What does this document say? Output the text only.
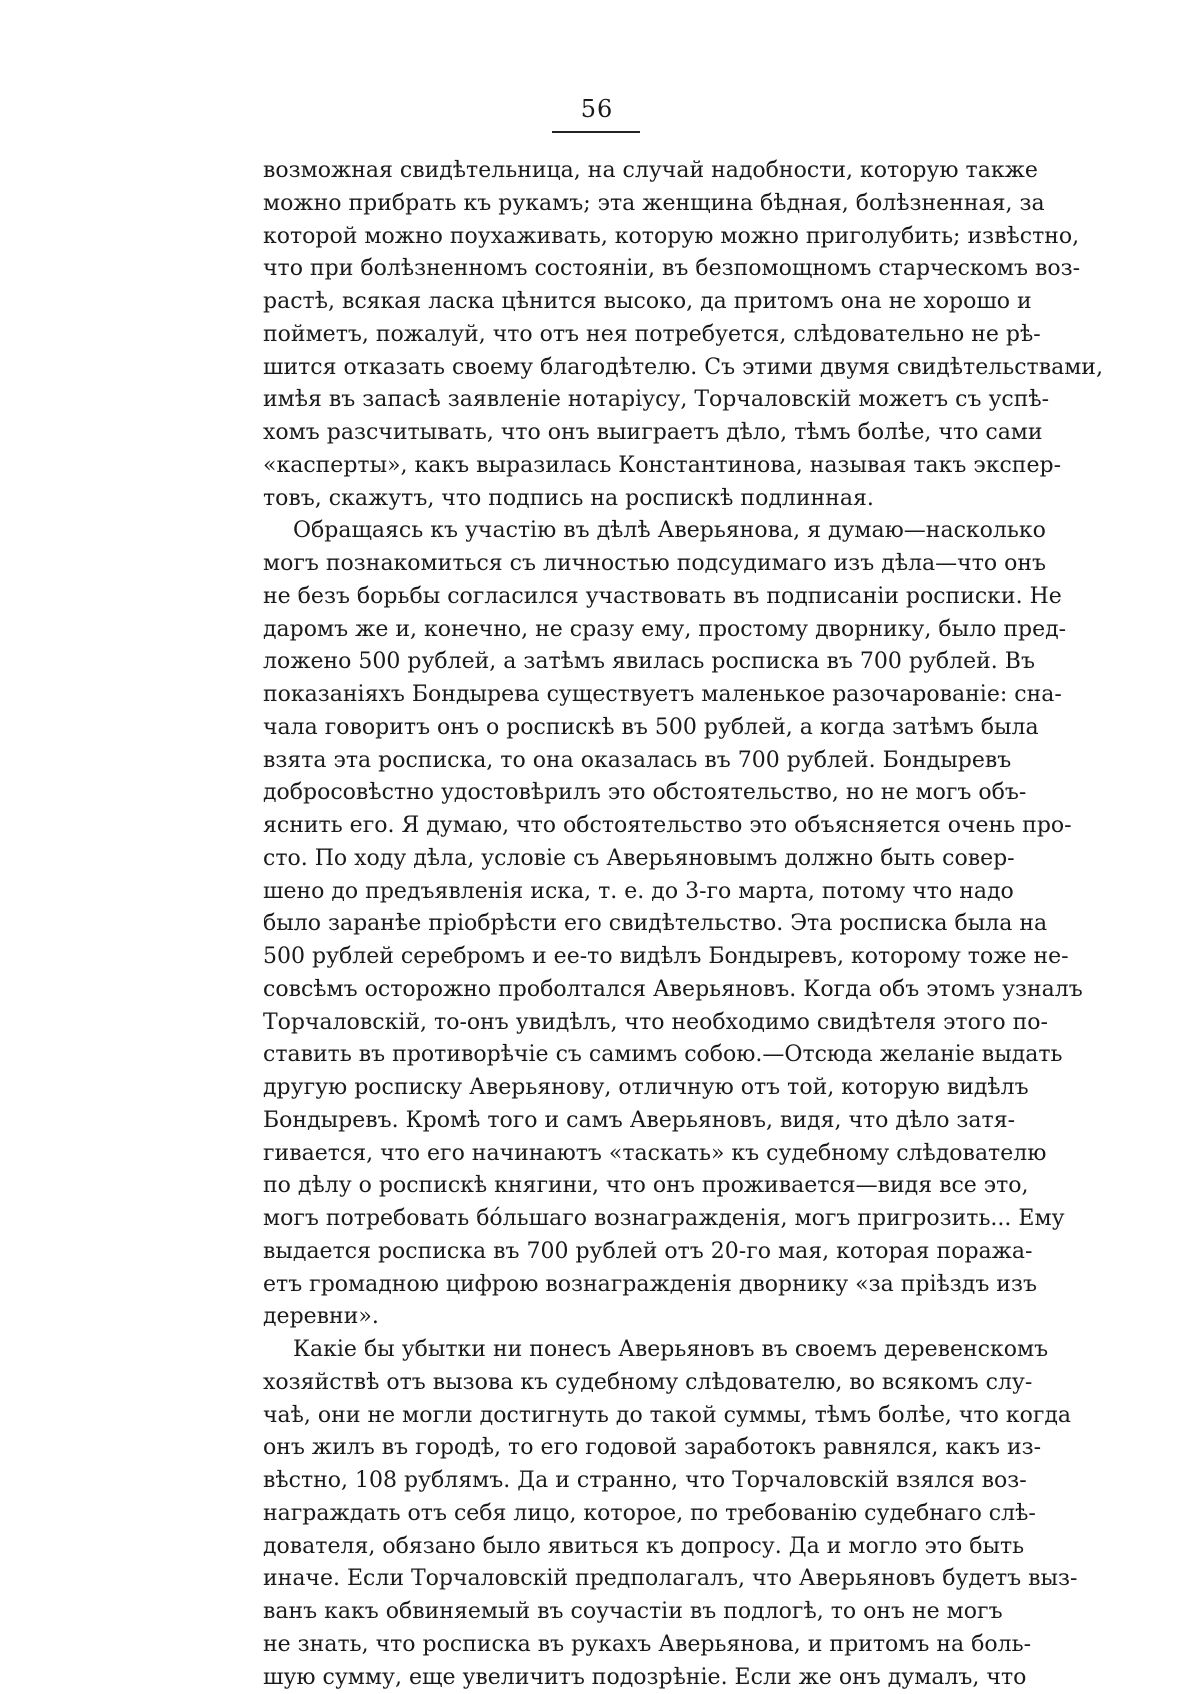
56
возможная свидѣтельница, на случай надобности, которую также
можно прибрать къ рукамъ; эта женщина бѣдная, болѣзненная, за
которой можно поухаживать, которую можно приголубить; извѣстно,
что при болѣзненномъ состояніи, въ безпомощномъ старческомъ воз-
растѣ, всякая ласка цѣнится высоко, да притомъ она не хорошо и
пойметъ, пожалуй, что отъ нея потребуется, слѣдовательно не рѣ-
шится отказать своему благодѣтелю. Съ этими двумя свидѣтельствами,
имѣя въ запасѣ заявленіе нотаріусу, Торчаловскій можетъ съ успѣ-
хомъ разсчитывать, что онъ выиграетъ дѣло, тѣмъ болѣе, что сами
«касперты», какъ выразилась Константинова, называя такъ экспер-
товъ, скажутъ, что подпись на роспискѣ подлинная.
Обращаясь къ участію въ дѣлѣ Аверьянова, я думаю—насколько
могъ познакомиться съ личностью подсудимаго изъ дѣла—что онъ
не безъ борьбы согласился участвовать въ подписаніи росписки. Не
даромъ же и, конечно, не сразу ему, простому дворнику, было пред-
ложено 500 рублей, а затѣмъ явилась росписка въ 700 рублей. Въ
показаніяхъ Бондырева существуетъ маленькое разочарованіе: сна-
чала говоритъ онъ о роспискѣ въ 500 рублей, а когда затѣмъ была
взята эта росписка, то она оказалась въ 700 рублей. Бондыревъ
добросовѣстно удостовѣрилъ это обстоятельство, но не могъ объ-
яснить его. Я думаю, что обстоятельство это объясняется очень про-
сто. По ходу дѣла, условіе съ Аверьяновымъ должно быть совер-
шено до предъявленія иска, т. е. до 3-го марта, потому что надо
было заранѣе пріобрѣсти его свидѣтельство. Эта росписка была на
500 рублей серебромъ и ее-то видѣлъ Бондыревъ, которому тоже не-
совсѣмъ осторожно проболтался Аверьяновъ. Когда объ этомъ узналъ
Торчаловскій, то-онъ увидѣлъ, что необходимо свидѣтеля этого по-
ставить въ противорѣчіе съ самимъ собою.—Отсюда желаніе выдать
другую росписку Аверьянову, отличную отъ той, которую видѣлъ
Бондыревъ. Кромѣ того и самъ Аверьяновъ, видя, что дѣло затя-
гивается, что его начинаютъ «таскать» къ судебному слѣдователю
по дѣлу о роспискѣ княгини, что онъ проживается—видя все это,
могъ потребовать бо́льшаго вознагражденія, могъ пригрозить... Ему
выдается росписка въ 700 рублей отъ 20-го мая, которая поража-
етъ громадною цифрою вознагражденія дворнику «за пріѣздъ изъ
деревни».
Какіе бы убытки ни понесъ Аверьяновъ въ своемъ деревенскомъ
хозяйствѣ отъ вызова къ судебному слѣдователю, во всякомъ слу-
чаѣ, они не могли достигнуть до такой суммы, тѣмъ болѣе, что когда
онъ жилъ въ городѣ, то его годовой заработокъ равнялся, какъ из-
вѣстно, 108 рублямъ. Да и странно, что Торчаловскій взялся воз-
награждать отъ себя лицо, которое, по требованію судебнаго слѣ-
дователя, обязано было явиться къ допросу. Да и могло это быть
иначе. Если Торчаловскій предполагалъ, что Аверьяновъ будетъ выз-
ванъ какъ обвиняемый въ соучастіи въ подлогѣ, то онъ не могъ
не знать, что росписка въ рукахъ Аверьянова, и притомъ на боль-
шую сумму, еще увеличитъ подозрѣніе. Если же онъ думалъ, что
